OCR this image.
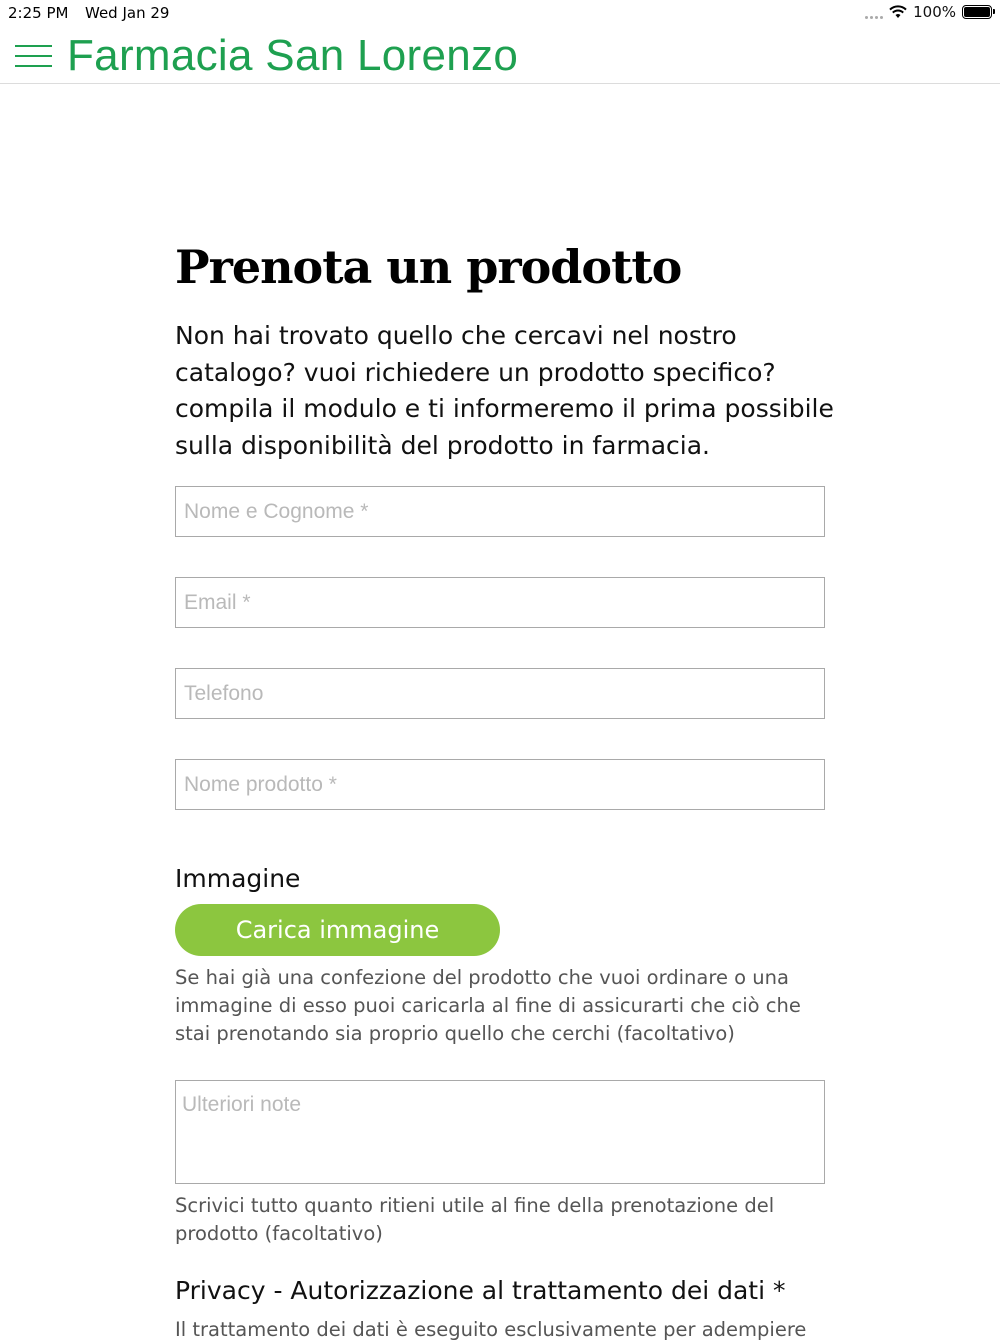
2:25 PM Wed Jan 29	100%
Farmacia San Lorenzo
Prenota un prodotto

Non hai trovato quello che cercavi nel nostro catalogo? vuoi richiedere un prodotto specifico? compila il modulo e ti informeremo il prima possibile sulla disponibilità del prodotto in farmacia.

Nome e Cognome *
Email *
Telefono
Nome prodotto *
Immagine
Carica immagine

Se hai già una confezione del prodotto che vuoi ordinare o una immagine di esso puoi caricarla al fine di assicurarti che ciò che stai prenotando sia proprio quello che cerchi (facoltativo)

Ulteriori note

Scrivici tutto quanto ritieni utile al fine della prenotazione del prodotto (facoltativo)

Privacy - Autorizzazione al trattamento dei dati *

Il trattamento dei dati è eseguito esclusivamente per adempiere
